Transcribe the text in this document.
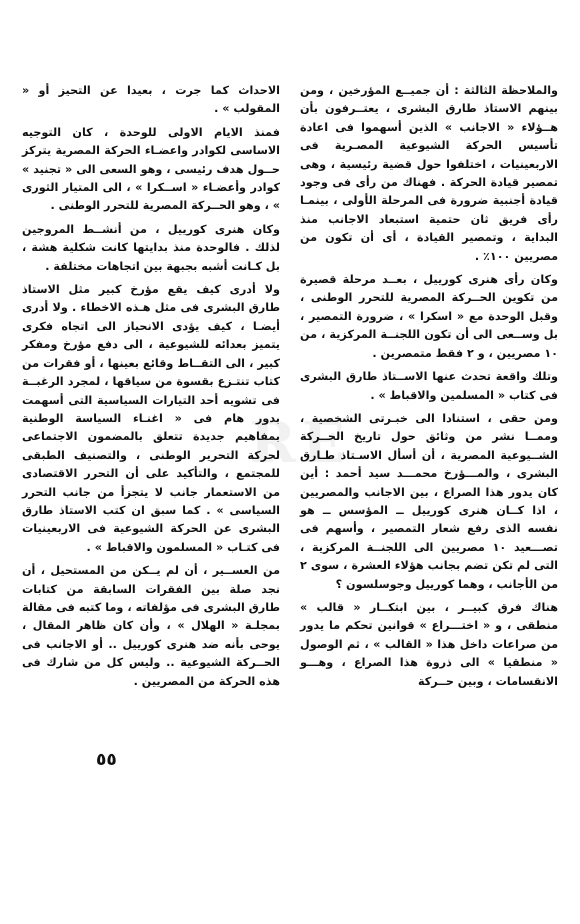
RE

والملاحظة الثالثة : أن جميــع المؤرخين ، ومن بينهم الاستاذ طارق البشرى ، يعتــرفون بأن هــؤلاء « الاجانب » الذين أسهموا فى اعادة تأسيس الحركة الشيوعية المصـرية فى الاربعينيات ، اختلفوا حول قضية رئيسية ، وهى تمصير قيادة الحركة . فهناك من رأى فى وجود قيادة أجنبية ضرورة فى المرحلة الأولى ، بينمـا رأى فريق ثان حتمية استبعاد الاجانب منذ البداية ، وتمصير القيادة ، أى أن تكون من مصريين ١٠٠٪ .

وكان رأى هنرى كورييل ، بعــد مرحلة قصيرة من تكوين الحــركة المصرية للتحرر الوطنى ، وقبل الوحدة مع « اسكرا » ، ضرورة التمصير ، بل وســعى الى أن تكون اللجنــة المركزية ، من ١٠ مصريين ، و ٢ فقط متمصرين .

وتلك واقعة تحدث عنها الاســتاذ طارق البشرى فى كتاب « المسلمين والاقباط » .

ومن حقى ، استنادا الى خبـرتى الشخصية ، وممــا نشر من وثائق حول تاريخ الحــركة الشــيوعية المصرية ، أن أسأل الاسـتاذ طـارق البشرى ، والمـــؤرخ محمـــد سيد أحمد : أين كان يدور هذا الصراع ، بين الاجانب والمصريين ، اذا كــان هنرى كورييل ــ المؤسس ــ هو نفسه الذى رفع شعار التمصير ، وأسهم فى تصـــعيد ١٠ مصريين الى اللجنــة المركزية ، التى لم تكن تضم بجانب هؤلاء العشرة ، سوى ٢ من الأجانب ، وهما كورييل وجوسلسون ؟

هناك فرق كبيــر ، بين ابتكــار « قالب » منطقى ، و « اختـــراع » قوانين تحكم ما يدور من صراعات داخل هذا « القالب » ، ثم الوصول « منطقيا » الى ذروة هذا الصراع ، وهـــو الانقسامات ، وبين حــركة

الاحداث كما جرت ، بعيدا عن التحيز أو « المقولب » .

فمنذ الايام الاولى للوحدة ، كان التوجيه الاساسى لكوادر واعضـاء الحركة المصرية يتركز حــول هدف رئيسى ، وهو السعى الى « تجنيد » كوادر وأعضـاء « اســكرا » ، الى المتيار الثورى » ، وهو الحــركة المصرية للتحرر الوطنى .

وكان هنرى كورييل ، من أنشــط المروجين لذلك . فالوحدة منذ بدايتها كانت شكلية هشة ، بل كـانت أشبه بجبهة بين اتجاهات مختلفة .

ولا أدرى كيف يقع مؤرخ كبير مثل الاستاذ طارق البشرى فى مثل هـذه الاخطاء . ولا أدرى أيضـا ، كيف يؤدى الانحياز الى اتجاه فكرى يتميز بعدائه للشيوعية ، الى دفع مؤرخ ومفكر كبير ، الى التقــاط وقائع بعينها ، أو فقرات من كتاب تنتـزع بقسوة من سياقها ، لمجرد الرغبــة فى تشويه أحد التيارات السياسية التى أسهمت بدور هام فى « اغنـاء السياسة الوطنية بمفاهيم جديدة تتعلق بالمضمون الاجتماعى لحركة التحرير الوطنى ، والتصنيف الطبقى للمجتمع ، والتأكيد على أن التحرر الاقتصادى من الاستعمار جانب لا يتجزأ من جانب التحرر السياسى » . كما سبق ان كتب الاستاذ طارق البشرى عن الحركة الشيوعية فى الاربعينيات فى كتـاب « المسلمون والاقباط » .

من العســير ، أن لم يــكن من المستحيل ، أن نجد صلة بين الفقرات السابقة من كتابات طارق البشرى فى مؤلفاته ، وما كتبه فى مقالة بمجلـة « الهلال » ، وأن كان ظاهر المقال ، يوحى بأنه ضد هنرى كورييل .. أو الاجانب فى الحــركة الشيوعية .. وليس كل من شارك فى هذه الحركة من المصريين .

٥٥
